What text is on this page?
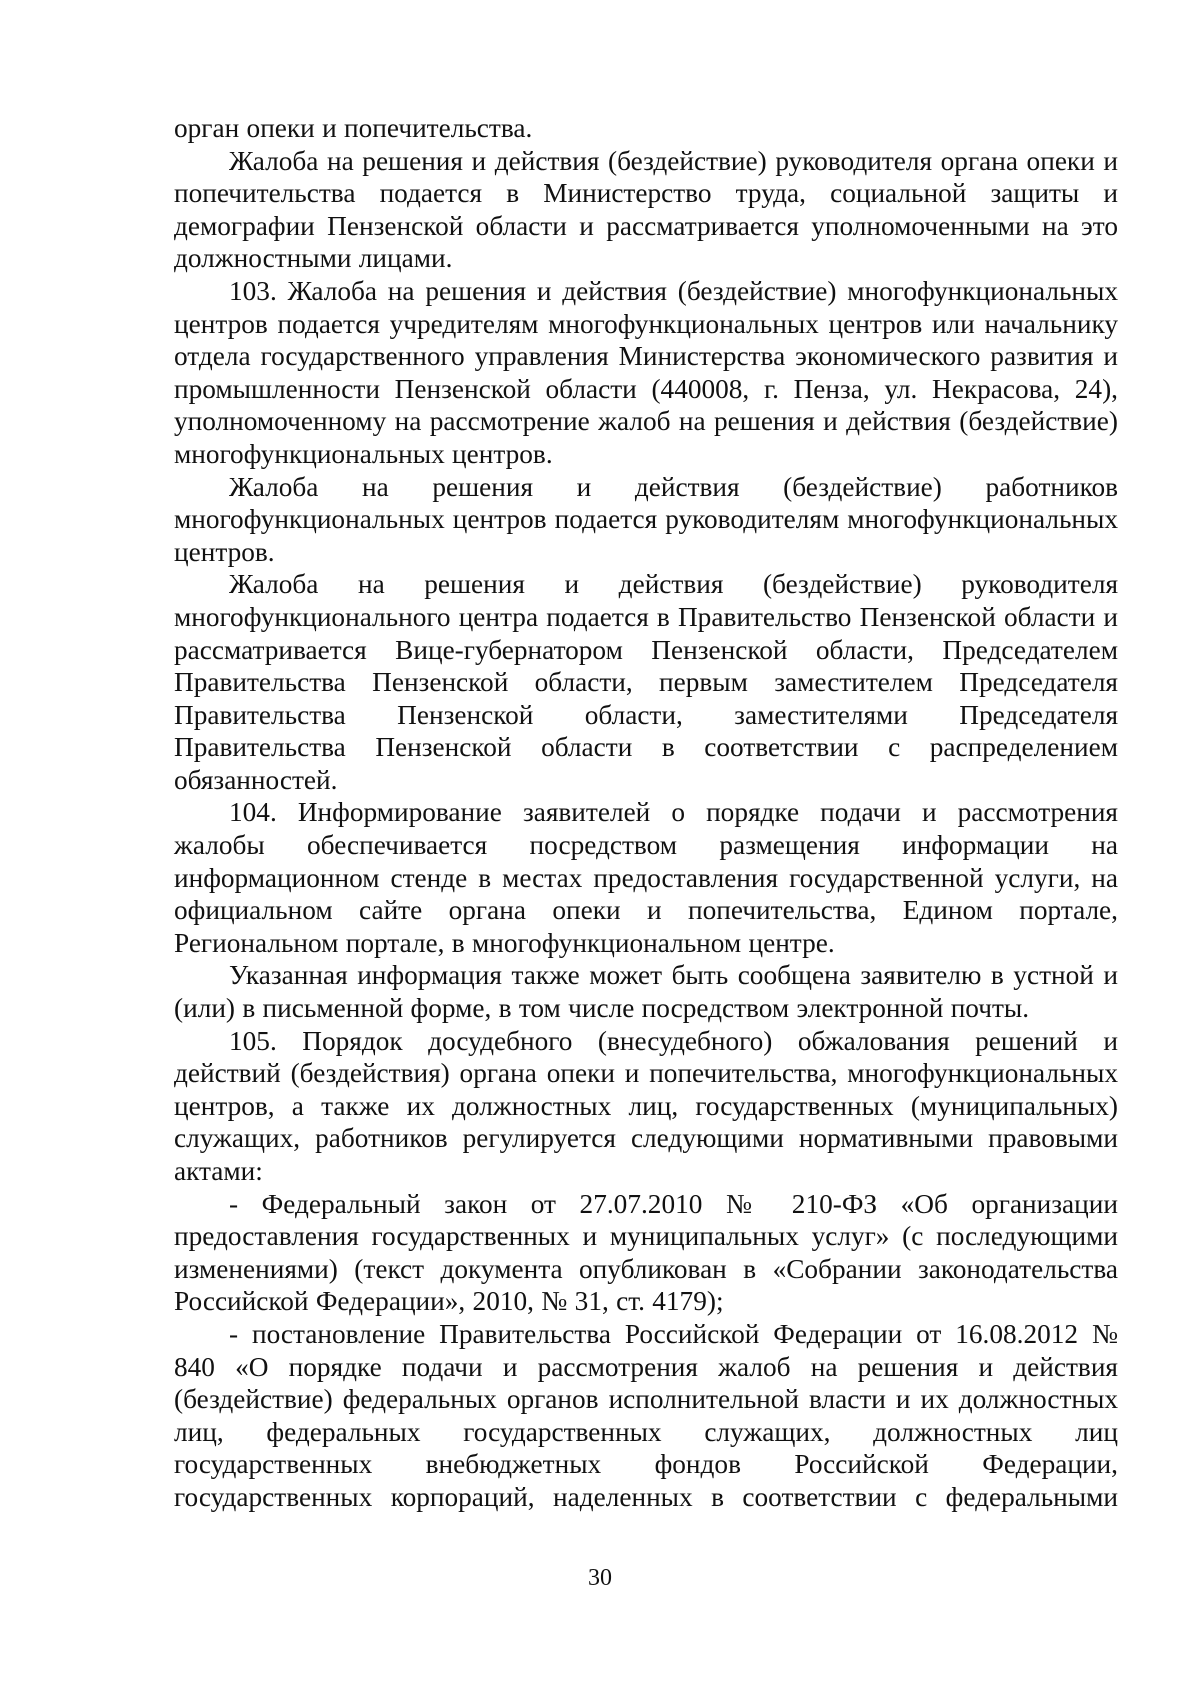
орган опеки и попечительства.

Жалоба на решения и действия (бездействие) руководителя органа опеки и попечительства подается в Министерство труда, социальной защиты и демографии Пензенской области и рассматривается уполномоченными на это должностными лицами.

103. Жалоба на решения и действия (бездействие) многофункциональных центров подается учредителям многофункциональных центров или начальнику отдела государственного управления Министерства экономического развития и промышленности Пензенской области (440008, г. Пенза, ул. Некрасова, 24), уполномоченному на рассмотрение жалоб на решения и действия (бездействие) многофункциональных центров.

Жалоба на решения и действия (бездействие) работников многофункциональных центров подается руководителям многофункциональных центров.

Жалоба на решения и действия (бездействие) руководителя многофункционального центра подается в Правительство Пензенской области и рассматривается Вице-губернатором Пензенской области, Председателем Правительства Пензенской области, первым заместителем Председателя Правительства Пензенской области, заместителями Председателя Правительства Пензенской области в соответствии с распределением обязанностей.

104. Информирование заявителей о порядке подачи и рассмотрения жалобы обеспечивается посредством размещения информации на информационном стенде в местах предоставления государственной услуги, на официальном сайте органа опеки и попечительства, Едином портале, Региональном портале, в многофункциональном центре.

Указанная информация также может быть сообщена заявителю в устной и (или) в письменной форме, в том числе посредством электронной почты.

105. Порядок досудебного (внесудебного) обжалования решений и действий (бездействия) органа опеки и попечительства, многофункциональных центров, а также их должностных лиц, государственных (муниципальных) служащих, работников регулируется следующими нормативными правовыми актами:

- Федеральный закон от 27.07.2010 № 210-ФЗ «Об организации предоставления государственных и муниципальных услуг» (с последующими изменениями) (текст документа опубликован в «Собрании законодательства Российской Федерации», 2010, № 31, ст. 4179);

- постановление Правительства Российской Федерации от 16.08.2012 № 840 «О порядке подачи и рассмотрения жалоб на решения и действия (бездействие) федеральных органов исполнительной власти и их должностных лиц, федеральных государственных служащих, должностных лиц государственных внебюджетных фондов Российской Федерации, государственных корпораций, наделенных в соответствии с федеральными

30
